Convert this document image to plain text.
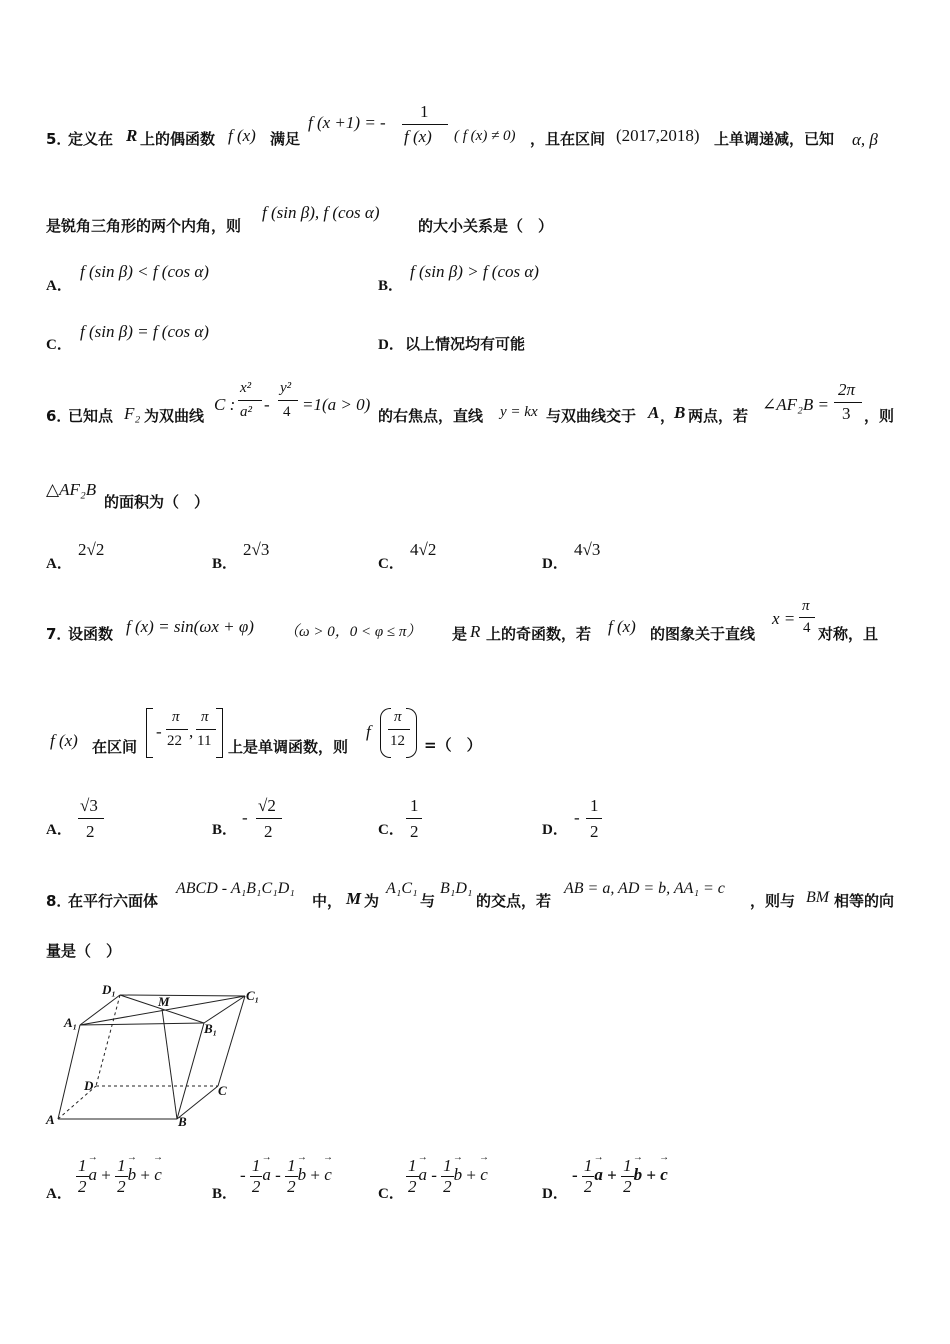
5．
定义在 R 上的偶函数 f (x) 满足
f (x +1) = -
1
f (x) ( f (x) ≠ 0) ，且在区间 (2017,2018) 上单调递减，已知 α, β
是锐角三角形的两个内角，则
f (sin β), f (cos α)
的大小关系是（　）
A．
f (sin β) < f (cos α)
B．
f (sin β) > f (cos α)
C．
f (sin β) = f (cos α)
D． 以上情况均有可能
6．
已知点 F₂ 为双曲线
C :
x²
a² -
y²
4 =1(a > 0)
的右焦点，直线 y = kx 与双曲线交于 A ，
B 两点，若
∠AF₂B =
2π
3 ，则
△AF₂B
的面积为（　）
A．
2√2
B．
2√3
C．
4√2
D．
4√3
7．
设函数 f (x) = sin(ωx + φ) （ω > 0，0 < φ ≤ π） 是 R 上的奇函数，若 f (x) 的图象关于直线
x =
π
4 对称，且
f (x) 在区间
-
π
22 ,
π
11 上是单调函数，则
f
π
12 =（　）
A．
√3
2	B．
-
√2
2	C．
1
2	D．
-
1
2
8．
在平行六面体
ABCD - A₁B₁C₁D₁
中， M 为
A₁C₁
与
B₁D₁
的交点，若
AB = a, AD = b, AA₁ = c
，则与 BM 相等的向
量是（　）
D₁
M	C₁
A₁	B₁
D	C
A	B
A． $\frac{1}{2}$
→ $a + \frac{1}{2}$
→ b + → c
B．
- $\frac{1}{2}$
→ a - $\frac{1}{2}$
→ b + → c
C． $\frac{1}{2}$
→ a - $\frac{1}{2}$
→ b + → c
D．
- $\frac{1}{2}$
→ $a + \frac{1}{2}$
→ b + → c
